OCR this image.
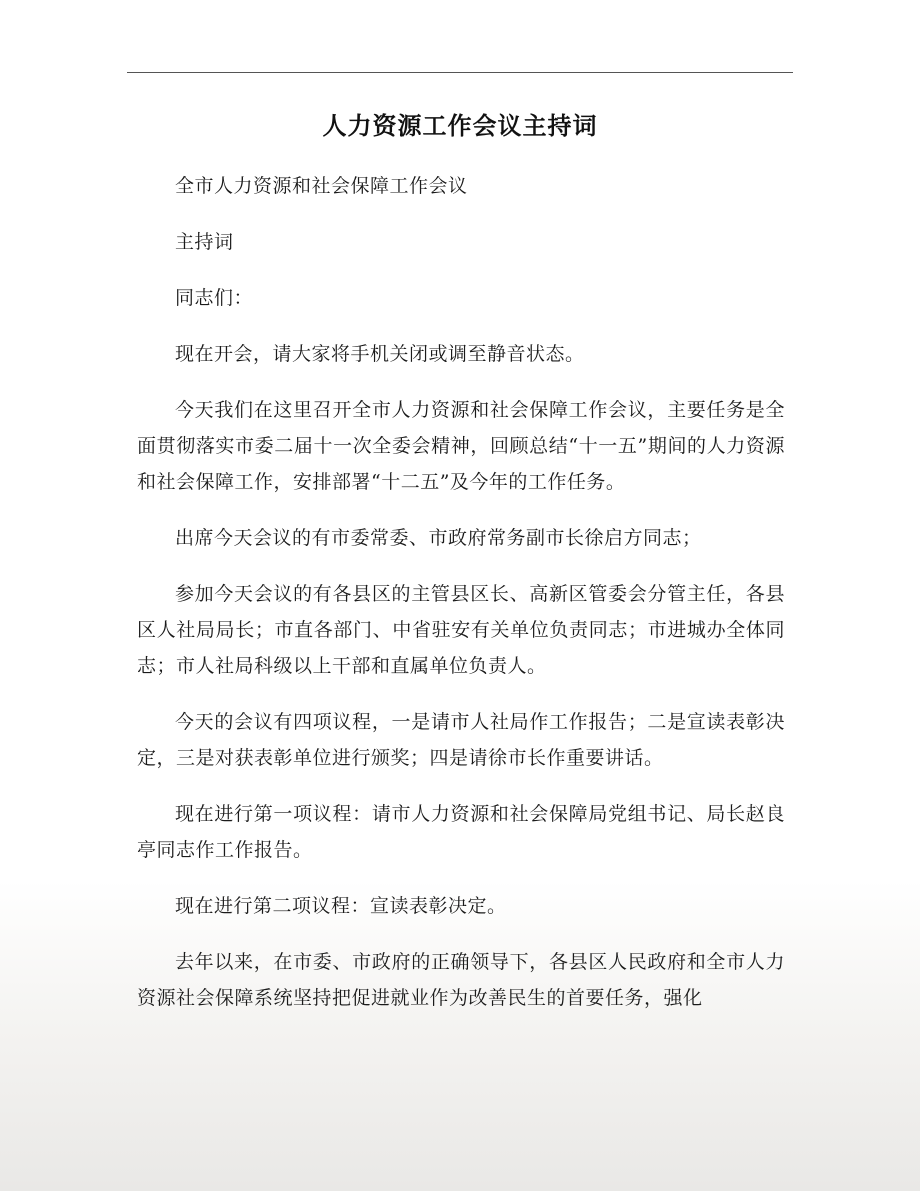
人力资源工作会议主持词

全市人力资源和社会保障工作会议

主持词

同志们：

现在开会，请大家将手机关闭或调至静音状态。

今天我们在这里召开全市人力资源和社会保障工作会议，主要任务是全面贯彻落实市委二届十一次全委会精神，回顾总结“十一五”期间的人力资源和社会保障工作，安排部署“十二五”及今年的工作任务。

出席今天会议的有市委常委、市政府常务副市长徐启方同志；

参加今天会议的有各县区的主管县区长、高新区管委会分管主任，各县区人社局局长；市直各部门、中省驻安有关单位负责同志；市进城办全体同志；市人社局科级以上干部和直属单位负责人。

今天的会议有四项议程，一是请市人社局作工作报告；二是宣读表彰决定，三是对获表彰单位进行颁奖；四是请徐市长作重要讲话。

现在进行第一项议程：请市人力资源和社会保障局党组书记、局长赵良亭同志作工作报告。

现在进行第二项议程：宣读表彰决定。

去年以来，在市委、市政府的正确领导下，各县区人民政府和全市人力资源社会保障系统坚持把促进就业作为改善民生的首要任务，强化
